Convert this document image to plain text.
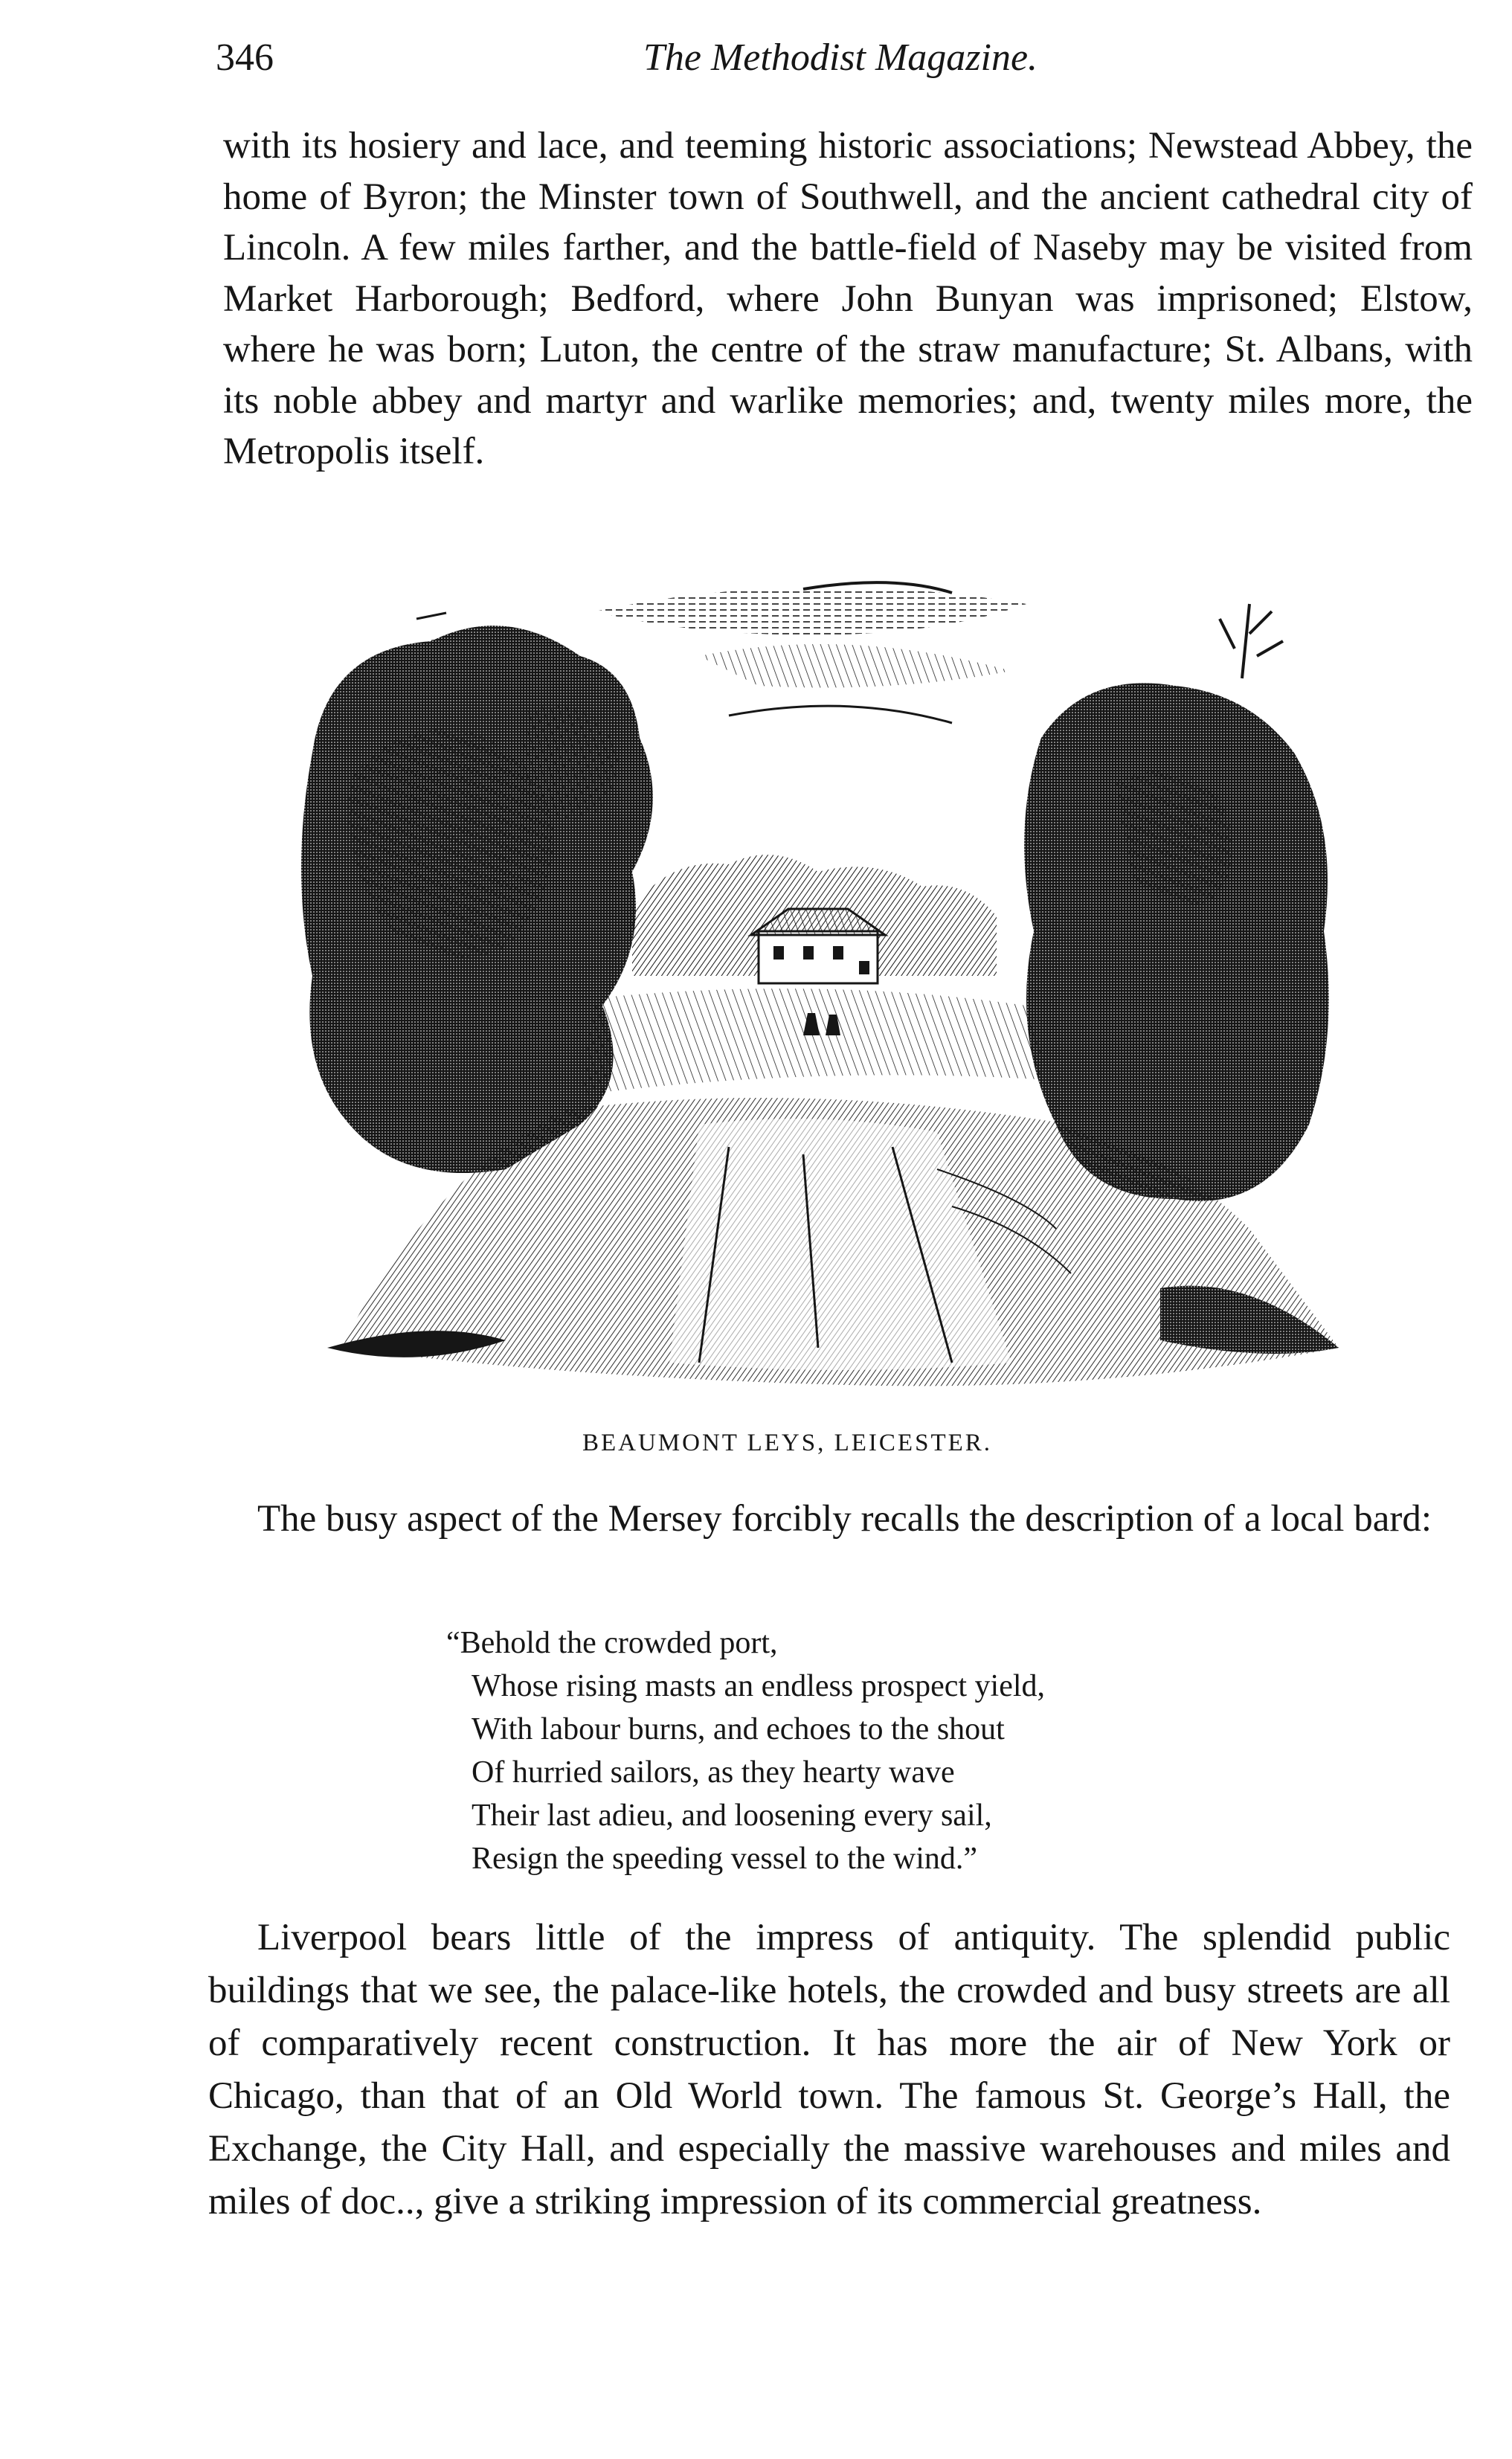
346	The Methodist Magazine.

with its hosiery and lace, and teeming historic associations; Newstead Abbey, the home of Byron; the Minster town of Southwell, and the ancient cathedral city of Lincoln. A few miles farther, and the battle-field of Naseby may be visited from Market Harborough; Bedford, where John Bunyan was imprisoned; Elstow, where he was born; Luton, the centre of the straw manufacture; St. Albans, with its noble abbey and martyr and warlike memories; and, twenty miles more, the Metropolis itself.

BEAUMONT LEYS, LEICESTER.

The busy aspect of the Mersey forcibly recalls the description of a local bard:

“Behold the crowded port,
Whose rising masts an endless prospect yield,
With labour burns, and echoes to the shout
Of hurried sailors, as they hearty wave
Their last adieu, and loosening every sail,
Resign the speeding vessel to the wind.”

Liverpool bears little of the impress of antiquity. The splendid public buildings that we see, the palace-like hotels, the crowded and busy streets are all of comparatively recent construction. It has more the air of New York or Chicago, than that of an Old World town. The famous St. George’s Hall, the Exchange, the City Hall, and especially the massive warehouses and miles and miles of doc.., give a striking impression of its commercial greatness.
